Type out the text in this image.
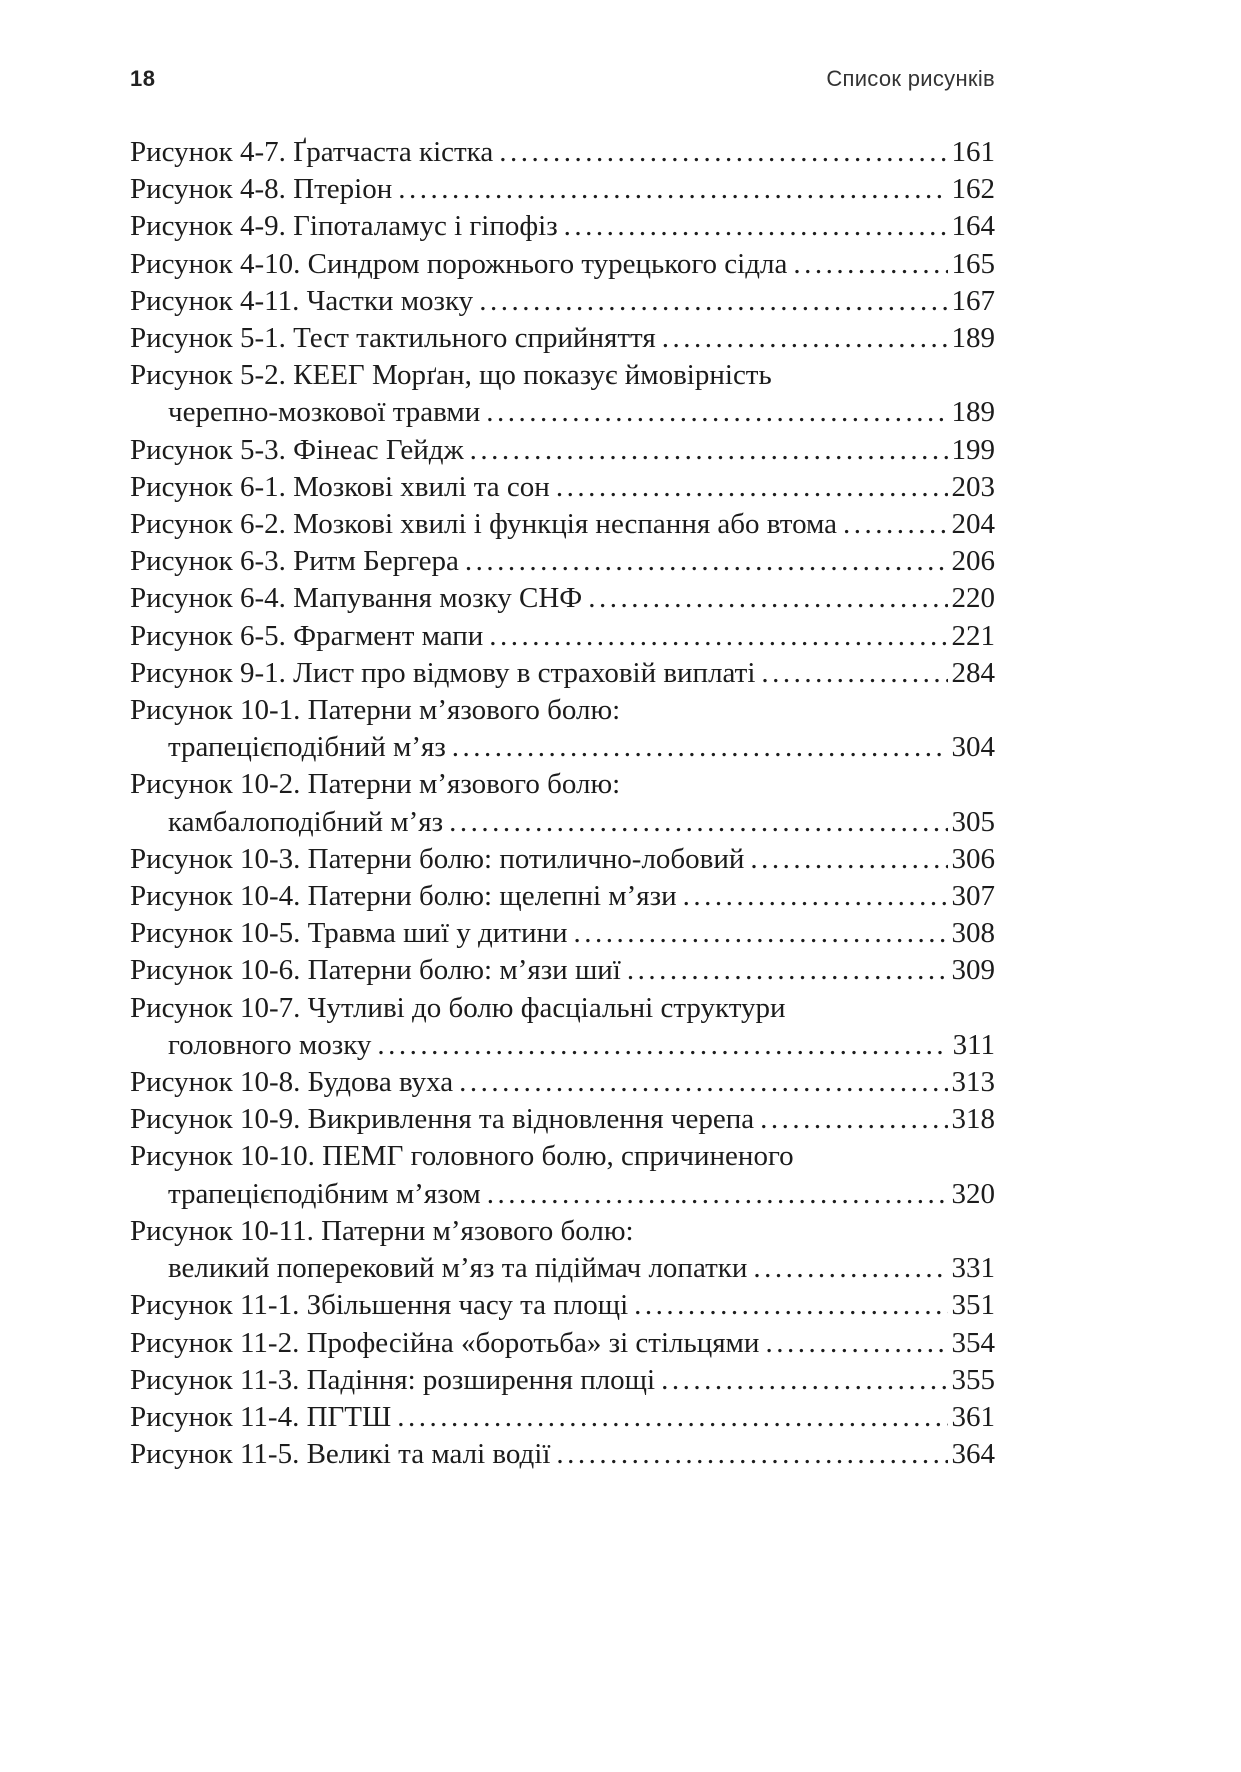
18	Список рисунків
Рисунок 4-7. Ґратчаста кістка .....	161
Рисунок 4-8. Птеріон .....	162
Рисунок 4-9. Гіпоталамус і гіпофіз .....	164
Рисунок 4-10. Синдром порожнього турецького сідла .....	165
Рисунок 4-11. Частки мозку .....	167
Рисунок 5-1. Тест тактильного сприйняття .....	189
Рисунок 5-2. КЕЕГ Морґан, що показує ймовірність
черепно-мозкової травми .....	189
Рисунок 5-3. Фінеас Гейдж .....	199
Рисунок 6-1. Мозкові хвилі та сон .....	203
Рисунок 6-2. Мозкові хвилі і функція неспання або втома .....	204
Рисунок 6-3. Ритм Бергера .....	206
Рисунок 6-4. Мапування мозку СНФ .....	220
Рисунок 6-5. Фрагмент мапи .....	221
Рисунок 9-1. Лист про відмову в страховій виплаті .....	284
Рисунок 10-1. Патерни м’язового болю:
трапецієподібний м’яз .....	304
Рисунок 10-2. Патерни м’язового болю:
камбалоподібний м’яз .....	305
Рисунок 10-3. Патерни болю: потилично-лобовий .....	306
Рисунок 10-4. Патерни болю: щелепні м’язи .....	307
Рисунок 10-5. Травма шиї у дитини .....	308
Рисунок 10-6. Патерни болю: м’язи шиї .....	309
Рисунок 10-7. Чутливі до болю фасціальні структури
головного мозку .....	311
Рисунок 10-8. Будова вуха .....	313
Рисунок 10-9. Викривлення та відновлення черепа .....	318
Рисунок 10-10. ПЕМГ головного болю, спричиненого
трапецієподібним м’язом .....	320
Рисунок 10-11. Патерни м’язового болю:
великий поперековий м’яз та підіймач лопатки .....	331
Рисунок 11-1. Збільшення часу та площі .....	351
Рисунок 11-2. Професійна «боротьба» зі стільцями .....	354
Рисунок 11-3. Падіння: розширення площі .....	355
Рисунок 11-4. ПГТШ .....	361
Рисунок 11-5. Великі та малі водії .....	364
